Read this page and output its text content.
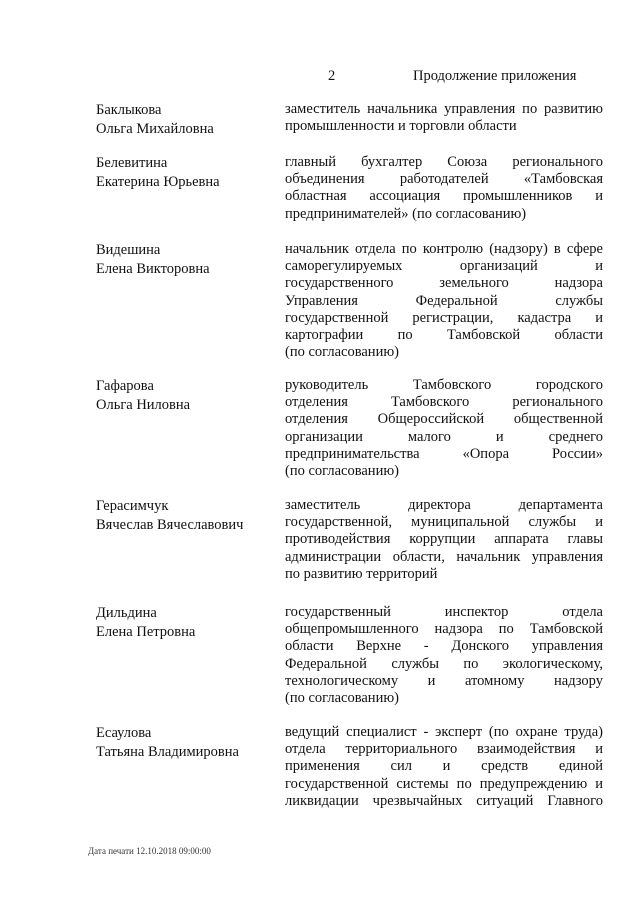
2	Продолжение приложения
Баклыкова
Ольга Михайловна
заместитель начальника управления по развитию
промышленности и торговли области
Белевитина
Екатерина Юрьевна
главный бухгалтер Союза регионального
объединения работодателей «Тамбовская
областная ассоциация промышленников и
предпринимателей» (по согласованию)
Видешина
Елена Викторовна
начальник отдела по контролю (надзору) в сфере
саморегулируемых организаций и
государственного земельного надзора
Управления Федеральной службы
государственной регистрации, кадастра и
картографии по Тамбовской области
(по согласованию)
Гафарова
Ольга Ниловна
руководитель Тамбовского городского
отделения Тамбовского регионального
отделения Общероссийской общественной
организации малого и среднего
предпринимательства «Опора России»
(по согласованию)
Герасимчук
Вячеслав Вячеславович
заместитель директора департамента
государственной, муниципальной службы и
противодействия коррупции аппарата главы
администрации области, начальник управления
по развитию территорий
Дильдина
Елена Петровна
государственный инспектор отдела
общепромышленного надзора по Тамбовской
области Верхне - Донского управления
Федеральной службы по экологическому,
технологическому и атомному надзору
(по согласованию)
Есаулова
Татьяна Владимировна
ведущий специалист - эксперт (по охране труда)
отдела территориального взаимодействия и
применения сил и средств единой
государственной системы по предупреждению и
ликвидации чрезвычайных ситуаций Главного
Дата печати 12.10.2018 09:00:00
